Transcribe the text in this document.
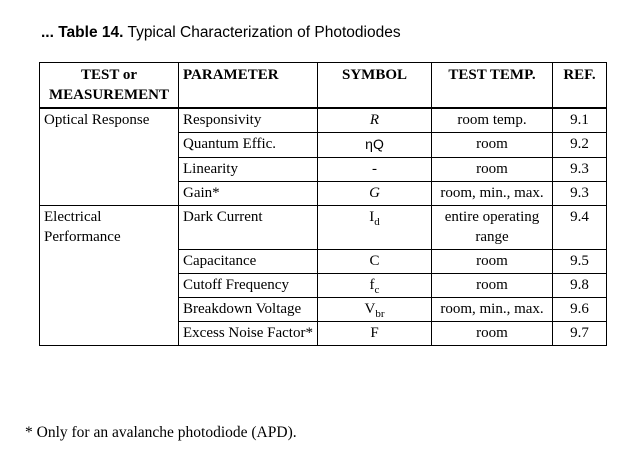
... Table 14. Typical Characterization of Photodiodes
TEST or MEASUREMENT	PARAMETER	SYMBOL	TEST TEMP.	REF.
Optical Response	Responsivity	R	room temp.	9.1
	Quantum Effic.	ηQ	room	9.2
	Linearity	-	room	9.3
	Gain*	G	room, min., max.	9.3
Electrical Performance	Dark Current	$I_d$	entire operating range	9.4
	Capacitance	C	room	9.5
	Cutoff Frequency	$f_c$	room	9.8
	Breakdown Voltage	$V_{br}$	room, min., max.	9.6
	Excess Noise Factor*	F	room	9.7
* Only for an avalanche photodiode (APD).
